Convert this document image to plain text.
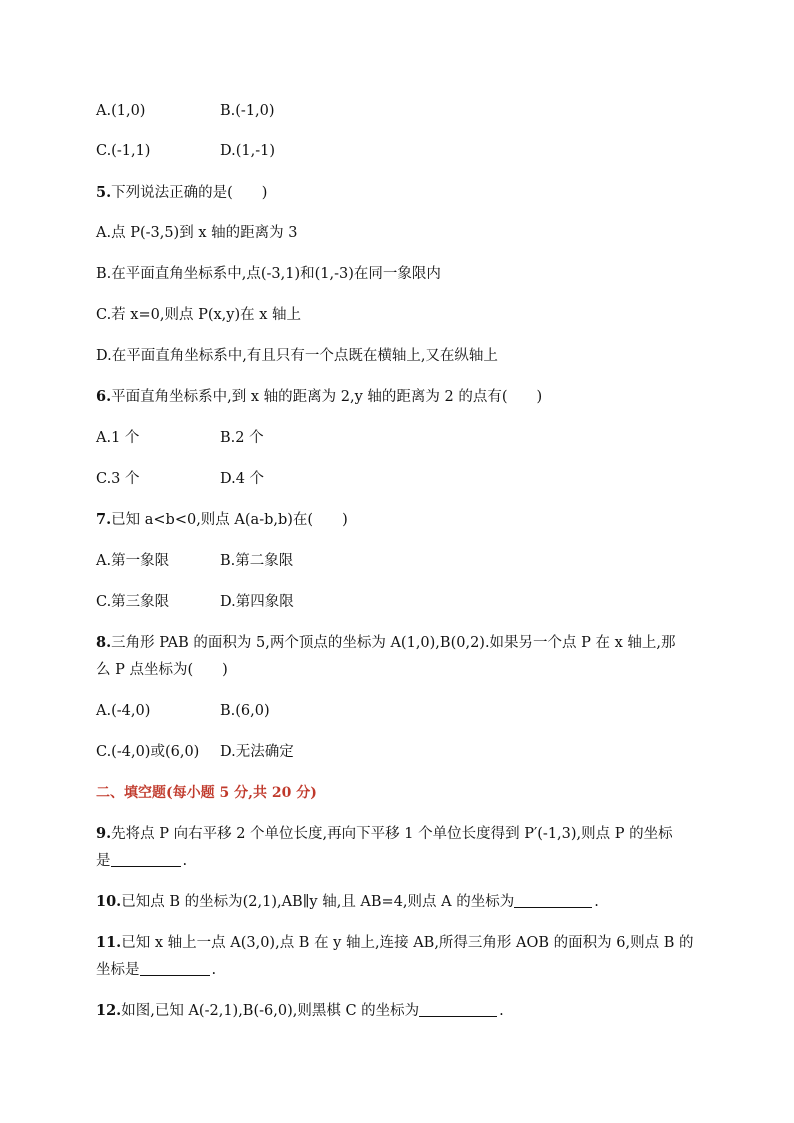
A.(1,0)	B.(-1,0)
C.(-1,1)	D.(1,-1)
5.下列说法正确的是(　　)
A.点 P(-3,5)到 x 轴的距离为 3
B.在平面直角坐标系中,点(-3,1)和(1,-3)在同一象限内
C.若 x=0,则点 P(x,y)在 x 轴上
D.在平面直角坐标系中,有且只有一个点既在横轴上,又在纵轴上
6.平面直角坐标系中,到 x 轴的距离为 2,y 轴的距离为 2 的点有(　　)
A.1 个	B.2 个
C.3 个	D.4 个
7.已知 a<b<0,则点 A(a-b,b)在(　　)
A.第一象限	B.第二象限
C.第三象限	D.第四象限
8.三角形 PAB 的面积为 5,两个顶点的坐标为 A(1,0),B(0,2).如果另一个点 P 在 x 轴上,那
么 P 点坐标为(　　)
A.(-4,0)	B.(6,0)
C.(-4,0)或(6,0) D.无法确定
二、填空题(每小题 5 分,共 20 分)
9.先将点 P 向右平移 2 个单位长度,再向下平移 1 个单位长度得到 P′(-1,3),则点 P 的坐标
是	.
10.已知点 B 的坐标为(2,1),AB∥y 轴,且 AB=4,则点 A 的坐标为	.
11.已知 x 轴上一点 A(3,0),点 B 在 y 轴上,连接 AB,所得三角形 AOB 的面积为 6,则点 B 的
坐标是	.
12.如图,已知 A(-2,1),B(-6,0),则黑棋 C 的坐标为	.
